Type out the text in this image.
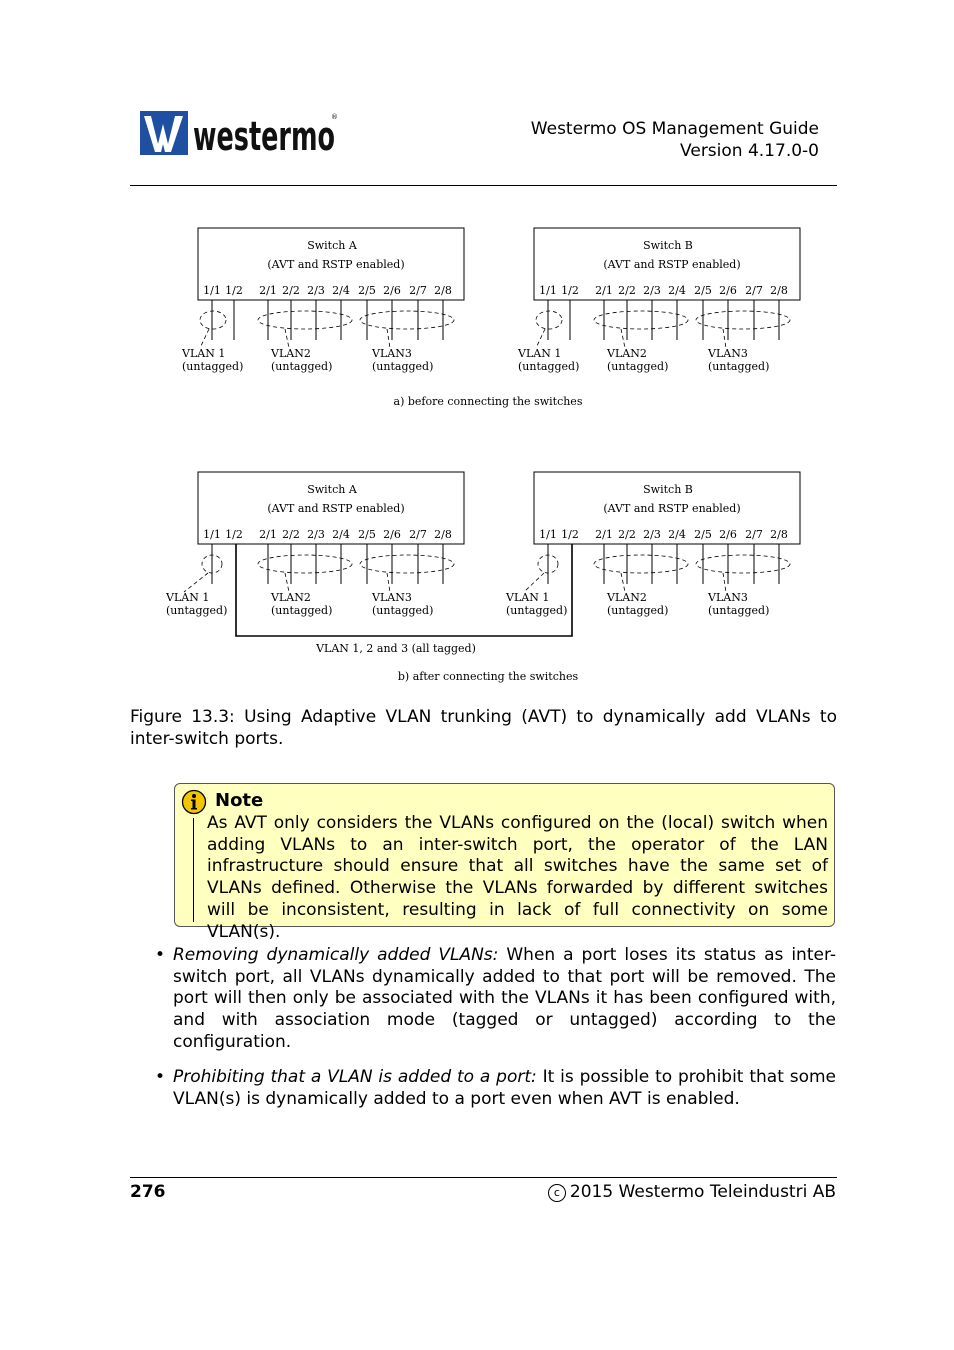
westermo
®
Westermo OS Management Guide
Version 4.17.0-0
Switch A
(AVT and RSTP enabled)
1/1 1/2 2/1 2/2 2/3 2/4 2/5 2/6 2/7 2/8
VLAN 1
(untagged)
VLAN2
(untagged)
VLAN3
(untagged)
Switch B
(AVT and RSTP enabled)
1/1 1/2 2/1 2/2 2/3 2/4 2/5 2/6 2/7 2/8
VLAN 1
(untagged)
VLAN2
(untagged)
VLAN3
(untagged)
a) before connecting the switches
Switch A
(AVT and RSTP enabled)
1/1 1/2 2/1 2/2 2/3 2/4 2/5 2/6 2/7 2/8
VLAN 1
(untagged)
VLAN2
(untagged)
VLAN3
(untagged)
Switch B
(AVT and RSTP enabled)
1/1 1/2 2/1 2/2 2/3 2/4 2/5 2/6 2/7 2/8
VLAN 1
(untagged)
VLAN2
(untagged)
VLAN3
(untagged)
VLAN 1, 2 and 3 (all tagged)
b) after connecting the switches
Figure 13.3: Using Adaptive VLAN trunking (AVT) to dynamically add VLANs to inter-switch ports.
Note
As AVT only considers the VLANs configured on the (local) switch when adding VLANs to an inter-switch port, the operator of the LAN infrastructure should ensure that all switches have the same set of VLANs defined. Otherwise the VLANs forwarded by different switches will be inconsistent, resulting in lack of full connectivity on some VLAN(s).
• Removing dynamically added VLANs: When a port loses its status as inter-switch port, all VLANs dynamically added to that port will be removed. The port will then only be associated with the VLANs it has been configured with, and with association mode (tagged or untagged) according to the configuration.
• Prohibiting that a VLAN is added to a port: It is possible to prohibit that some VLAN(s) is dynamically added to a port even when AVT is enabled.
276	c 2015 Westermo Teleindustri AB
